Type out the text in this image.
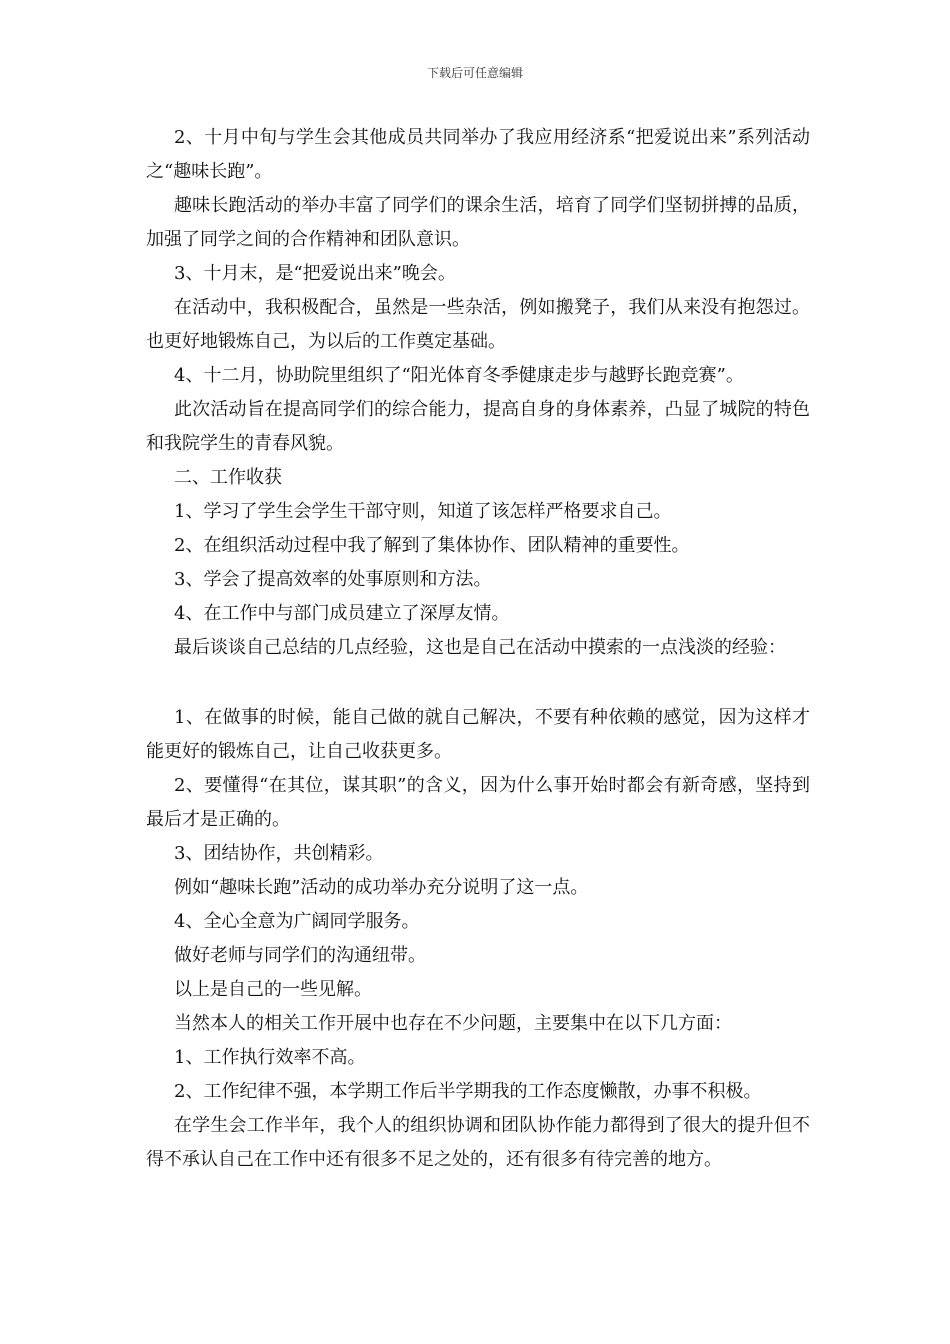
下载后可任意编辑

2、十月中旬与学生会其他成员共同举办了我应用经济系“把爱说出来”系列活动之“趣味长跑”。

趣味长跑活动的举办丰富了同学们的课余生活，培育了同学们坚韧拼搏的品质，加强了同学之间的合作精神和团队意识。

3、十月末，是“把爱说出来”晚会。

在活动中，我积极配合，虽然是一些杂活，例如搬凳子，我们从来没有抱怨过。也更好地锻炼自己，为以后的工作奠定基础。

4、十二月，协助院里组织了“阳光体育冬季健康走步与越野长跑竞赛”。

此次活动旨在提高同学们的综合能力，提高自身的身体素养，凸显了城院的特色和我院学生的青春风貌。

二、工作收获

1、学习了学生会学生干部守则，知道了该怎样严格要求自己。

2、在组织活动过程中我了解到了集体协作、团队精神的重要性。

3、学会了提高效率的处事原则和方法。

4、在工作中与部门成员建立了深厚友情。

最后谈谈自己总结的几点经验，这也是自己在活动中摸索的一点浅淡的经验：

1、在做事的时候，能自己做的就自己解决，不要有种依赖的感觉，因为这样才能更好的锻炼自己，让自己收获更多。

2、要懂得“在其位，谋其职”的含义，因为什么事开始时都会有新奇感，坚持到最后才是正确的。

3、团结协作，共创精彩。

例如“趣味长跑”活动的成功举办充分说明了这一点。

4、全心全意为广阔同学服务。

做好老师与同学们的沟通纽带。

以上是自己的一些见解。

当然本人的相关工作开展中也存在不少问题，主要集中在以下几方面：

1、工作执行效率不高。

2、工作纪律不强，本学期工作后半学期我的工作态度懒散，办事不积极。

在学生会工作半年，我个人的组织协调和团队协作能力都得到了很大的提升但不得不承认自己在工作中还有很多不足之处的，还有很多有待完善的地方。
